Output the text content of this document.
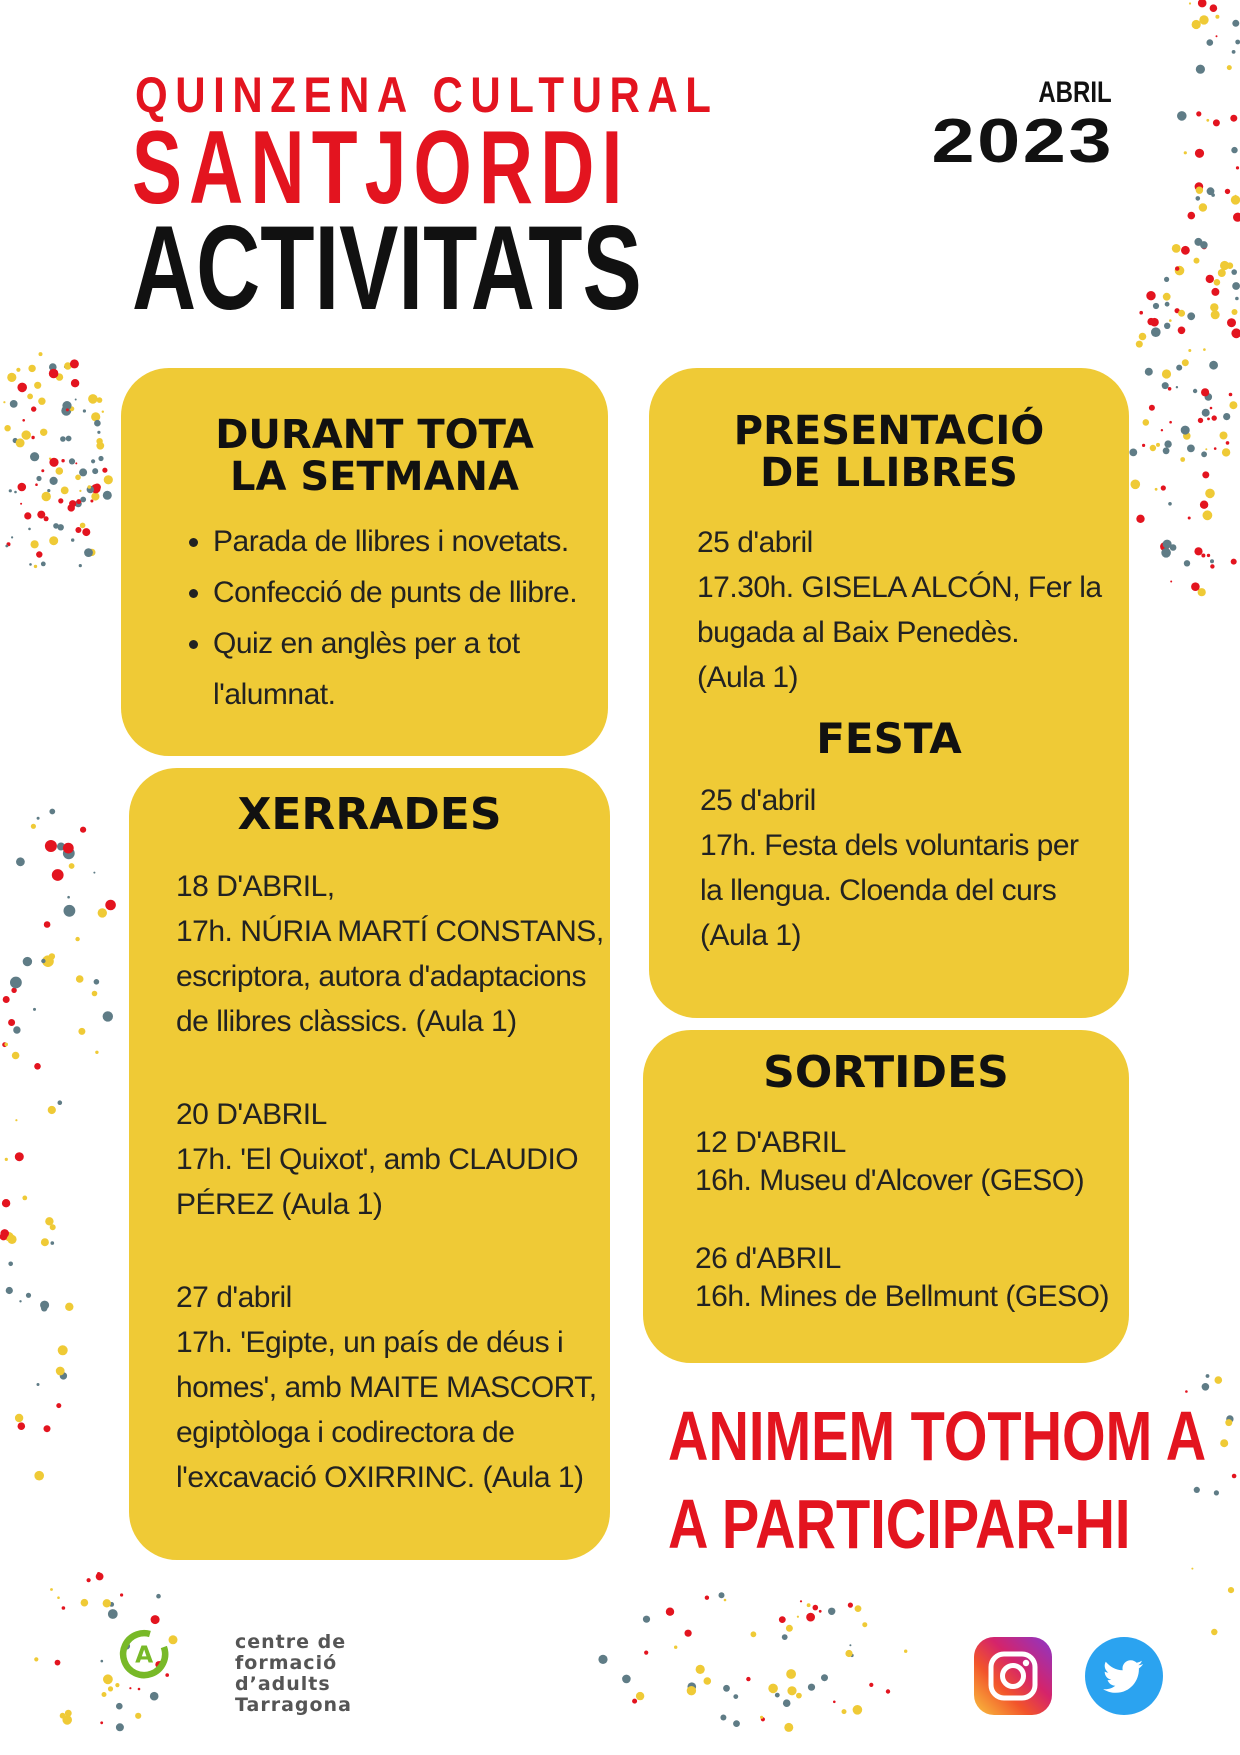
QUINZENA CULTURAL
SANTJORDI
ACTIVITATS
ABRIL
2023
DURANT TOTA
LA SETMANA
• Parada de llibres i novetats.
• Confecció de punts de llibre.
• Quiz en anglès per a tot l'alumnat.
XERRADES
18 D'ABRIL,
17h. NÚRIA MARTÍ CONSTANS,
escriptora, autora d'adaptacions
de llibres clàssics. (Aula 1)
20 D'ABRIL
17h. 'El Quixot', amb CLAUDIO
PÉREZ (Aula 1)
27 d'abril
17h. 'Egipte, un país de déus i
homes', amb MAITE MASCORT,
egiptòloga i codirectora de
l'excavació OXIRRINC. (Aula 1)
PRESENTACIÓ
DE LLIBRES
25 d'abril
17.30h. GISELA ALCÓN, Fer la
bugada al Baix Penedès.
(Aula 1)
FESTA
25 d'abril
17h. Festa dels voluntaris per
la llengua. Cloenda del curs
(Aula 1)
SORTIDES
12 D'ABRIL
16h. Museu d'Alcover (GESO)
26 d'ABRIL
16h. Mines de Bellmunt (GESO)
ANIMEM TOTHOM A
A PARTICIPAR-HI
A	centre de
formació
d’adults
Tarragona
